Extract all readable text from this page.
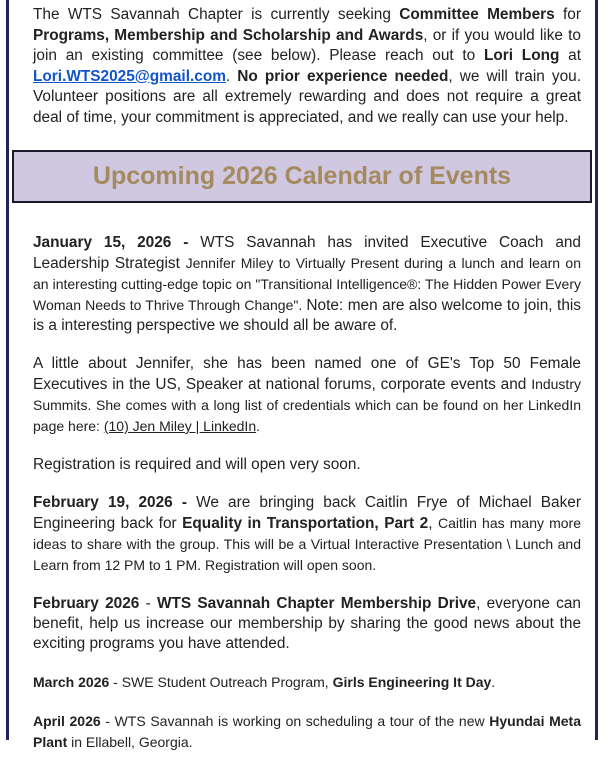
The WTS Savannah Chapter is currently seeking Committee Members for Programs, Membership and Scholarship and Awards, or if you would like to join an existing committee (see below). Please reach out to Lori Long at Lori.WTS2025@gmail.com. No prior experience needed, we will train you. Volunteer positions are all extremely rewarding and does not require a great deal of time, your commitment is appreciated, and we really can use your help.
Upcoming 2026 Calendar of Events

January 15, 2026 - WTS Savannah has invited Executive Coach and Leadership Strategist Jennifer Miley to Virtually Present during a lunch and learn on an interesting cutting-edge topic on "Transitional Intelligence®: The Hidden Power Every Woman Needs to Thrive Through Change". Note: men are also welcome to join, this is a interesting perspective we should all be aware of.

A little about Jennifer, she has been named one of GE's Top 50 Female Executives in the US, Speaker at national forums, corporate events and Industry Summits. She comes with a long list of credentials which can be found on her LinkedIn page here: (10) Jen Miley | LinkedIn.

Registration is required and will open very soon.

February 19, 2026 - We are bringing back Caitlin Frye of Michael Baker Engineering back for Equality in Transportation, Part 2, Caitlin has many more ideas to share with the group. This will be a Virtual Interactive Presentation \ Lunch and Learn from 12 PM to 1 PM. Registration will open soon.

February 2026 - WTS Savannah Chapter Membership Drive, everyone can benefit, help us increase our membership by sharing the good news about the exciting programs you have attended.

March 2026 - SWE Student Outreach Program, Girls Engineering It Day.

April 2026 - WTS Savannah is working on scheduling a tour of the new Hyundai Meta Plant in Ellabell, Georgia.
